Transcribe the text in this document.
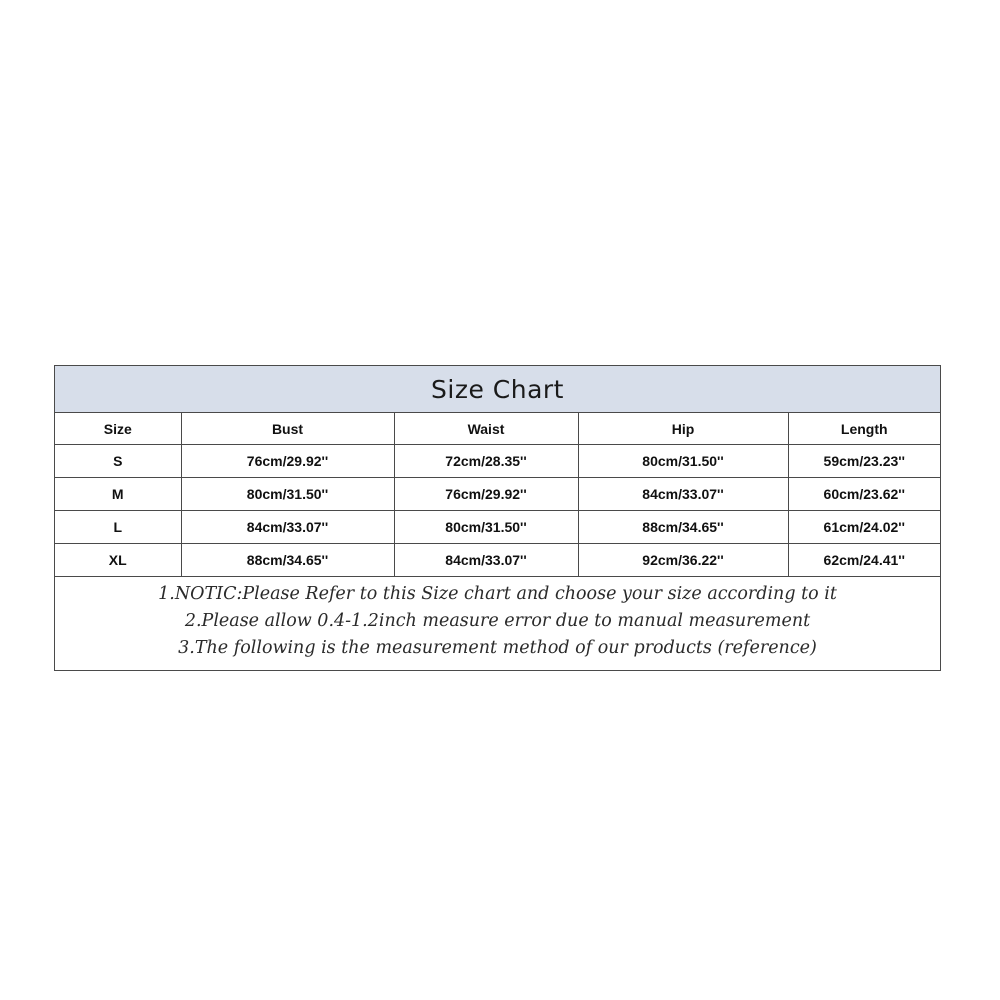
Size Chart
Size	Bust	Waist	Hip	Length
S	76cm/29.92''	72cm/28.35''	80cm/31.50''	59cm/23.23''
M	80cm/31.50''	76cm/29.92''	84cm/33.07''	60cm/23.62''
L	84cm/33.07''	80cm/31.50''	88cm/34.65''	61cm/24.02''
XL	88cm/34.65''	84cm/33.07''	92cm/36.22''	62cm/24.41''
1.NOTIC:Please Refer to this Size chart and choose your size according to it
2.Please allow 0.4-1.2inch measure error due to manual measurement
3.The following is the measurement method of our products (reference)
